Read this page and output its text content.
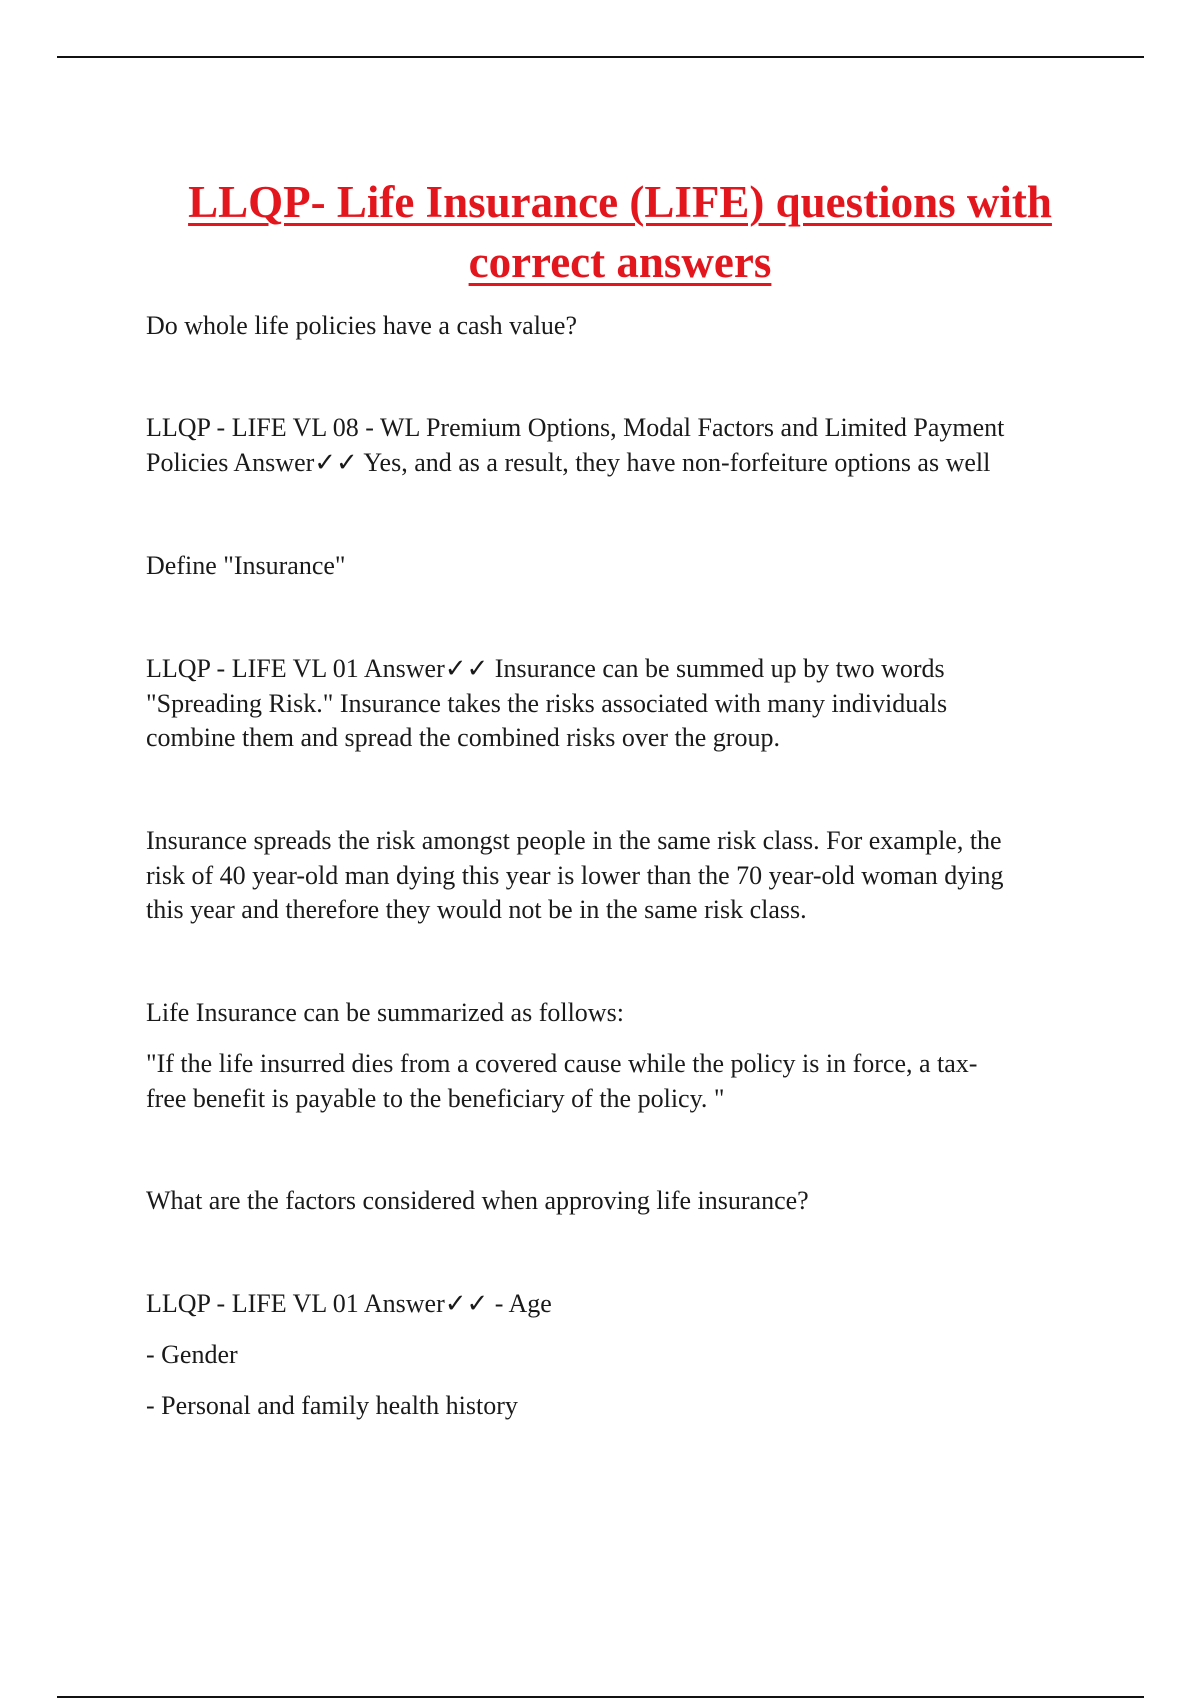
LLQP- Life Insurance (LIFE) questions with correct answers

Do whole life policies have a cash value?

LLQP - LIFE VL 08 - WL Premium Options, Modal Factors and Limited Payment
Policies Answer✓✓ Yes, and as a result, they have non-forfeiture options as well

Define "Insurance"

LLQP - LIFE VL 01 Answer✓✓ Insurance can be summed up by two words
"Spreading Risk." Insurance takes the risks associated with many individuals
combine them and spread the combined risks over the group.

Insurance spreads the risk amongst people in the same risk class. For example, the
risk of 40 year-old man dying this year is lower than the 70 year-old woman dying
this year and therefore they would not be in the same risk class.

Life Insurance can be summarized as follows:

"If the life insurred dies from a covered cause while the policy is in force, a tax-
free benefit is payable to the beneficiary of the policy. "

What are the factors considered when approving life insurance?

LLQP - LIFE VL 01 Answer✓✓ - Age

- Gender

- Personal and family health history
